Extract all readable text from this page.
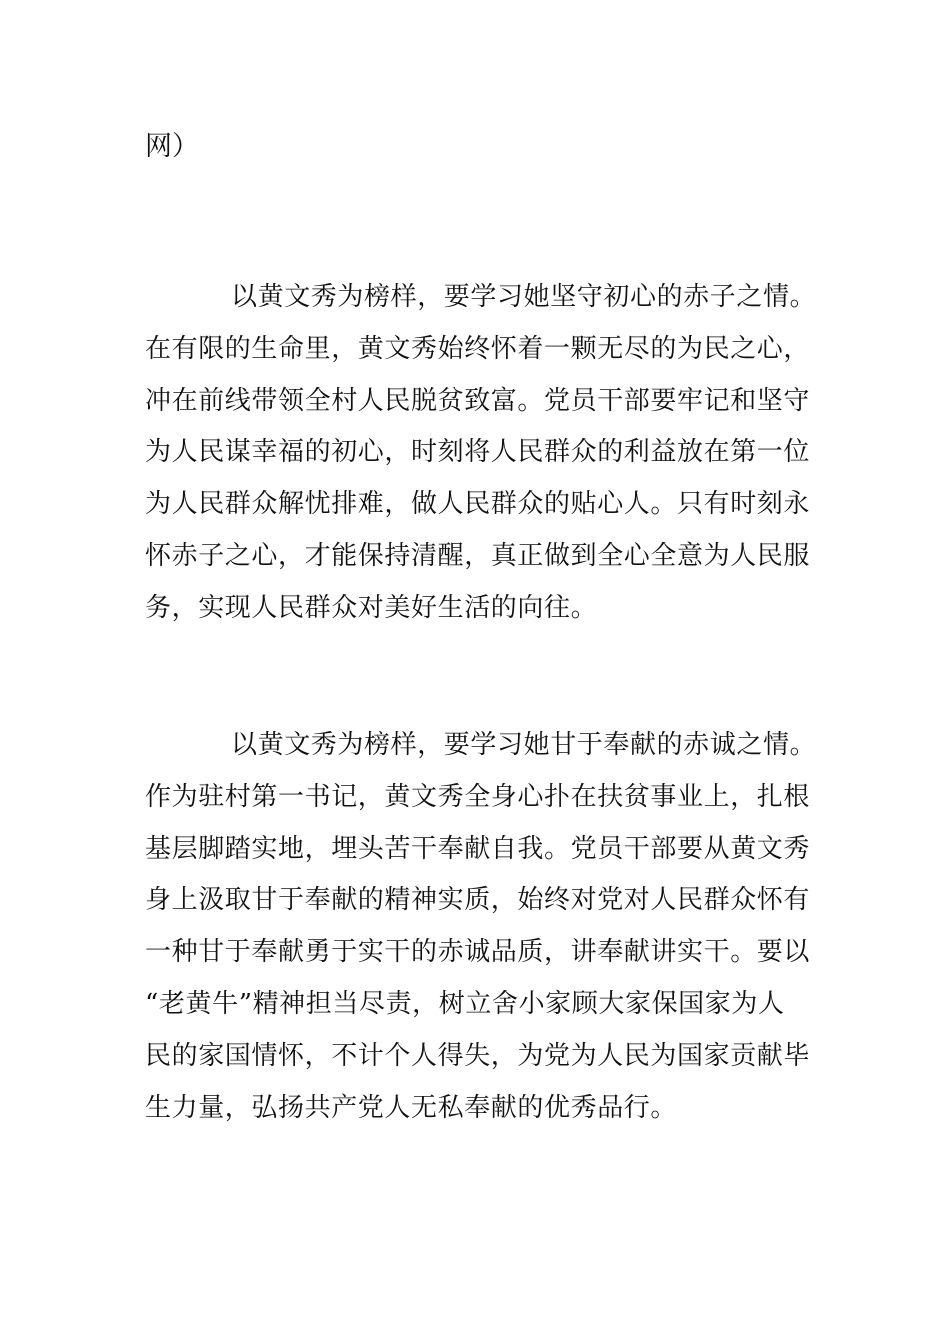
网）

以黄文秀为榜样，要学习她坚守初心的赤子之情。
在有限的生命里，黄文秀始终怀着一颗无尽的为民之心，
冲在前线带领全村人民脱贫致富。党员干部要牢记和坚守
为人民谋幸福的初心，时刻将人民群众的利益放在第一位
为人民群众解忧排难，做人民群众的贴心人。只有时刻永
怀赤子之心，才能保持清醒，真正做到全心全意为人民服
务，实现人民群众对美好生活的向往。
以黄文秀为榜样，要学习她甘于奉献的赤诚之情。
作为驻村第一书记，黄文秀全身心扑在扶贫事业上，扎根
基层脚踏实地，埋头苦干奉献自我。党员干部要从黄文秀
身上汲取甘于奉献的精神实质，始终对党对人民群众怀有
一种甘于奉献勇于实干的赤诚品质，讲奉献讲实干。要以
“老黄牛”精神担当尽责，树立舍小家顾大家保国家为人
民的家国情怀，不计个人得失，为党为人民为国家贡献毕
生力量，弘扬共产党人无私奉献的优秀品行。
